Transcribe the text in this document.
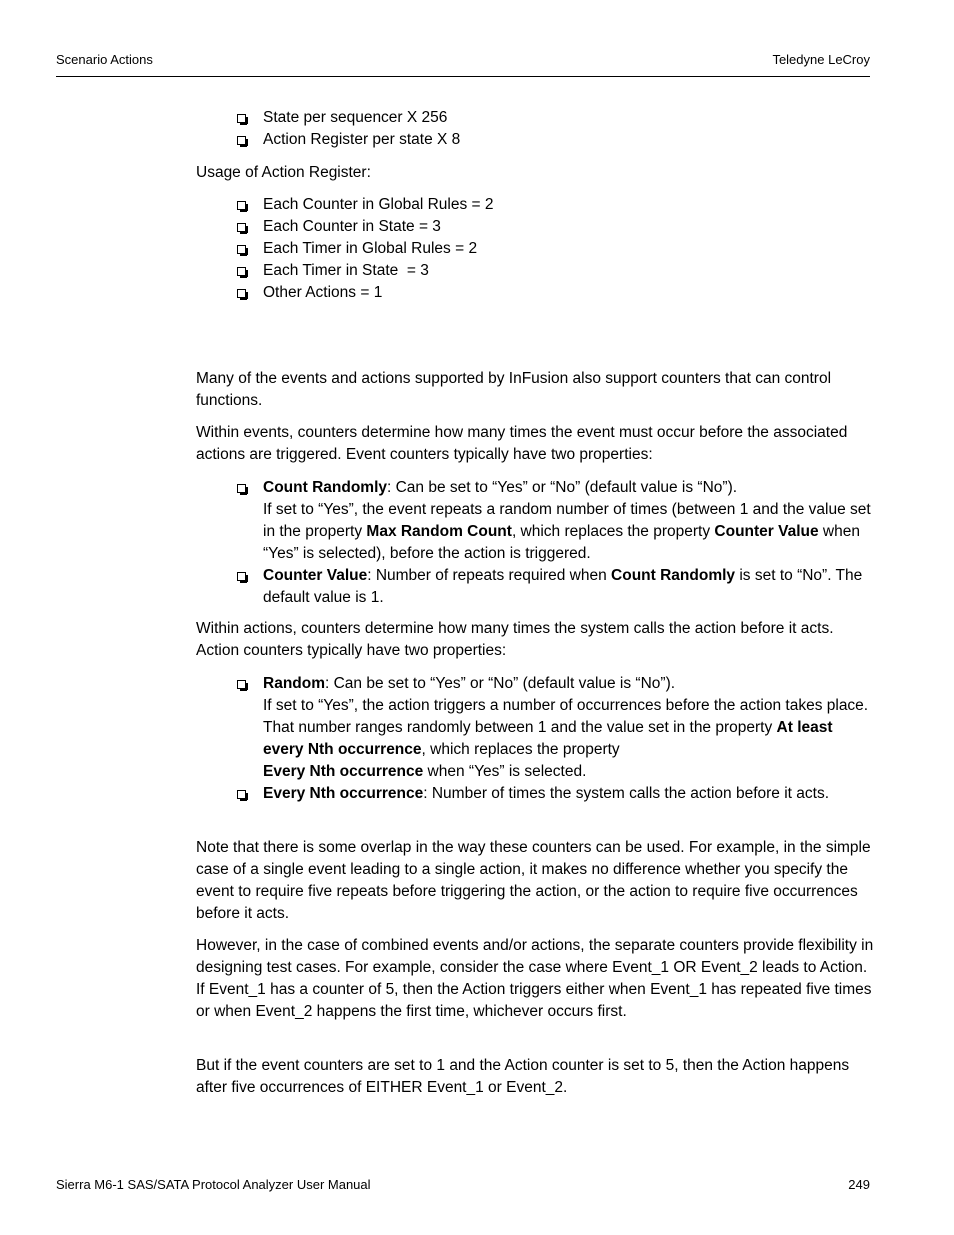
Scenario Actions	Teledyne LeCroy
State per sequencer X 256
Action Register per state X 8

Usage of Action Register:

Each Counter in Global Rules = 2
Each Counter in State = 3
Each Timer in Global Rules = 2
Each Timer in State  = 3
Other Actions = 1

Many of the events and actions supported by InFusion also support counters that can control functions.

Within events, counters determine how many times the event must occur before the associated actions are triggered. Event counters typically have two properties:

Count Randomly: Can be set to “Yes” or “No” (default value is “No”).
If set to “Yes”, the event repeats a random number of times (between 1 and the value set in the property Max Random Count, which replaces the property Counter Value when “Yes” is selected), before the action is triggered.
Counter Value: Number of repeats required when Count Randomly is set to “No”. The default value is 1.

Within actions, counters determine how many times the system calls the action before it acts. Action counters typically have two properties:

Random: Can be set to “Yes” or “No” (default value is “No”).
If set to “Yes”, the action triggers a number of occurrences before the action takes place. That number ranges randomly between 1 and the value set in the property At least every Nth occurrence, which replaces the property
Every Nth occurrence when “Yes” is selected.
Every Nth occurrence: Number of times the system calls the action before it acts.

Note that there is some overlap in the way these counters can be used. For example, in the simple case of a single event leading to a single action, it makes no difference whether you specify the event to require five repeats before triggering the action, or the action to require five occurrences before it acts.

However, in the case of combined events and/or actions, the separate counters provide flexibility in designing test cases. For example, consider the case where Event_1 OR Event_2 leads to Action. If Event_1 has a counter of 5, then the Action triggers either when Event_1 has repeated five times or when Event_2 happens the first time, whichever occurs first.

But if the event counters are set to 1 and the Action counter is set to 5, then the Action happens after five occurrences of EITHER Event_1 or Event_2.

Sierra M6-1 SAS/SATA Protocol Analyzer User Manual	249
